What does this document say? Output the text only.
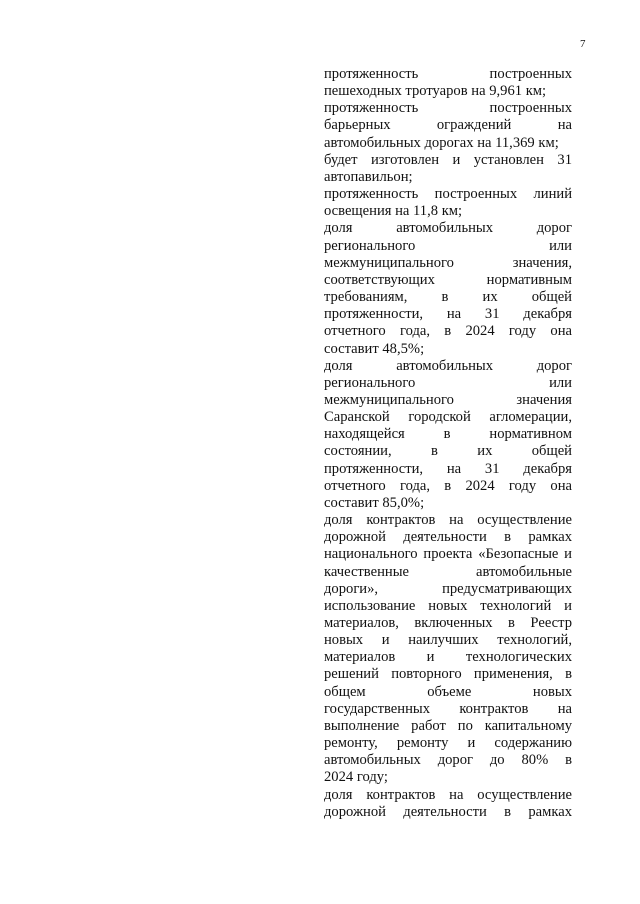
7
протяженность построенных
пешеходных тротуаров на 9,961 км;
протяженность построенных
барьерных ограждений на
автомобильных дорогах на 11,369 км;
будет изготовлен и установлен 31
автопавильон;
протяженность построенных линий
освещения на 11,8 км;
доля автомобильных дорог
регионального или
межмуниципального значения,
соответствующих нормативным
требованиям, в их общей
протяженности, на 31 декабря
отчетного года, в 2024 году она
составит 48,5%;
доля автомобильных дорог
регионального или
межмуниципального значения
Саранской городской агломерации,
находящейся в нормативном
состоянии, в их общей
протяженности, на 31 декабря
отчетного года, в 2024 году она
составит 85,0%;
доля контрактов на осуществление
дорожной деятельности в рамках
национального проекта «Безопасные и
качественные автомобильные
дороги», предусматривающих
использование новых технологий и
материалов, включенных в Реестр
новых и наилучших технологий,
материалов и технологических
решений повторного применения, в
общем объеме новых
государственных контрактов на
выполнение работ по капитальному
ремонту, ремонту и содержанию
автомобильных дорог до 80% в
2024 году;
доля контрактов на осуществление
дорожной деятельности в рамках
